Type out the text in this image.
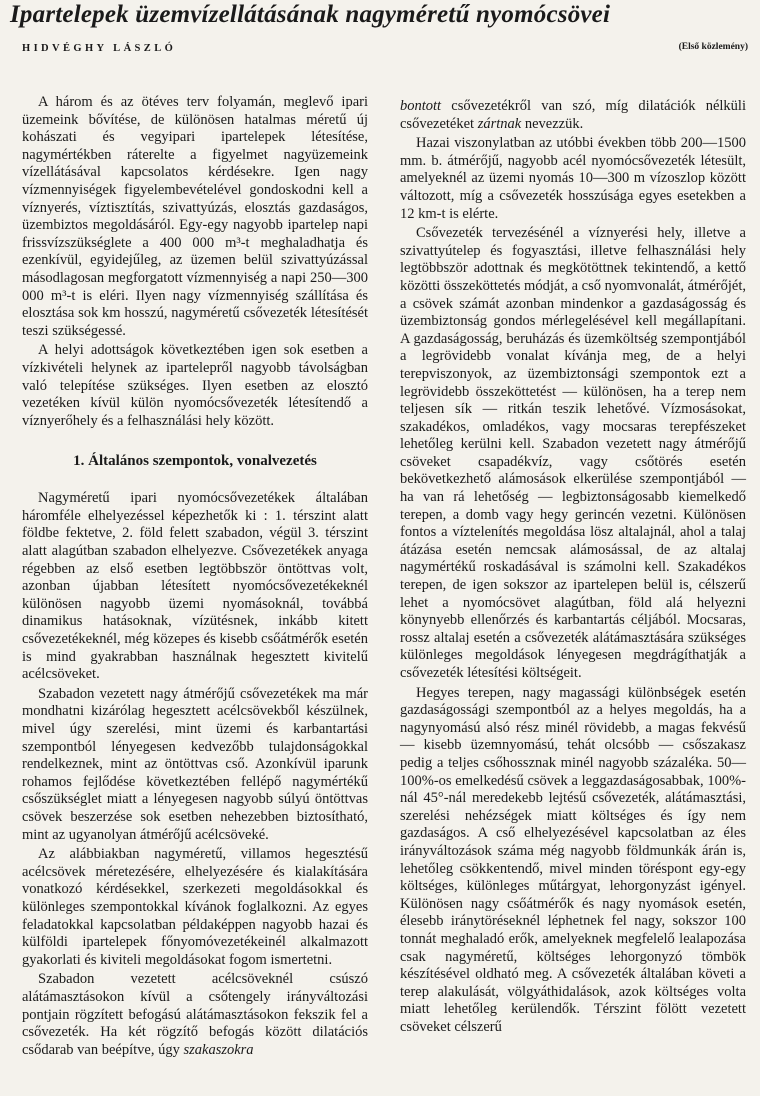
Ipartelepek üzemvízellátásának nagyméretű nyomócsövei
HIDVÉGHY LÁSZLÓ	(Első közlemény)

A három és az ötéves terv folyamán, meglevő ipari üzemeink bővítése, de különösen hatalmas méretű új kohászati és vegyipari ipartelepek létesítése, nagymértékben ráterelte a figyelmet nagyüzemeink vízellátásával kapcsolatos kérdésekre. Igen nagy vízmennyiségek figyelembevételével gondoskodni kell a víznyerés, víztisztítás, szivattyúzás, elosztás gazdaságos, üzembiztos megoldásáról. Egy-egy nagyobb ipartelep napi frissvízszükséglete a 400 000 m³-t meghaladhatja és ezenkívül, egyidejűleg, az üzemen belül szivattyúzással másodlagosan megforgatott vízmennyiség a napi 250—300 000 m³-t is eléri. Ilyen nagy vízmennyiség szállítása és elosztása sok km hosszú, nagyméretű csővezeték létesítését teszi szükségessé.

A helyi adottságok következtében igen sok esetben a vízkivételi helynek az ipartelepről nagyobb távolságban való telepítése szükséges. Ilyen esetben az elosztó vezetéken kívül külön nyomócsővezeték létesítendő a víznyerőhely és a felhasználási hely között.

1. Általános szempontok, vonalvezetés

Nagyméretű ipari nyomócsővezetékek általában háromféle elhelyezéssel képezhetők ki : 1. térszint alatt földbe fektetve, 2. föld felett szabadon, végül 3. térszint alatt alagútban szabadon elhelyezve. Csővezetékek anyaga régebben az első esetben legtöbbször öntöttvas volt, azonban újabban létesített nyomócsővezetékeknél különösen nagyobb üzemi nyomásoknál, továbbá dinamikus hatásoknak, vízütésnek, inkább kitett csővezetékeknél, még közepes és kisebb csőátmérők esetén is mind gyakrabban használnak hegesztett kivitelű acélcsöveket.

Szabadon vezetett nagy átmérőjű csővezetékek ma már mondhatni kizárólag hegesztett acélcsövekből készülnek, mivel úgy szerelési, mint üzemi és karbantartási szempontból lényegesen kedvezőbb tulajdonságokkal rendelkeznek, mint az öntöttvas cső. Azonkívül iparunk rohamos fejlődése következtében fellépő nagymértékű csőszükséglet miatt a lényegesen nagyobb súlyú öntöttvas csövek beszerzése sok esetben nehezebben biztosítható, mint az ugyanolyan átmérőjű acélcsöveké.

Az alábbiakban nagyméretű, villamos hegesztésű acélcsövek méretezésére, elhelyezésére és kialakítására vonatkozó kérdésekkel, szerkezeti megoldásokkal és különleges szempontokkal kívánok foglalkozni. Az egyes feladatokkal kapcsolatban példaképpen nagyobb hazai és külföldi ipartelepek főnyomóvezetékeinél alkalmazott gyakorlati és kiviteli megoldásokat fogom ismertetni.

Szabadon vezetett acélcsöveknél csúszó alátámasztásokon kívül a csőtengely irányváltozási pontjain rögzített befogású alátámasztásokon fekszik fel a csővezeték. Ha két rögzítő befogás között dilatációs csődarab van beépítve, úgy szakaszokra

bontott csővezetékről van szó, míg dilatációk nélküli csővezetéket zártnak nevezzük.

Hazai viszonylatban az utóbbi években több 200—1500 mm. b. átmérőjű, nagyobb acél nyomócsővezeték létesült, amelyeknél az üzemi nyomás 10—300 m vízoszlop között változott, míg a csővezeték hosszúsága egyes esetekben a 12 km-t is elérte.

Csővezeték tervezésénél a víznyerési hely, illetve a szivattyútelep és fogyasztási, illetve felhasználási hely legtöbbször adottnak és megkötöttnek tekintendő, a kettő közötti összeköttetés módját, a cső nyomvonalát, átmérőjét, a csövek számát azonban mindenkor a gazdaságosság és üzembiztonság gondos mérlegelésével kell megállapítani. A gazdaságosság, beruházás és üzemköltség szempontjából a legrövidebb vonalat kívánja meg, de a helyi terepviszonyok, az üzembiztonsági szempontok ezt a legrövidebb összeköttetést — különösen, ha a terep nem teljesen sík — ritkán teszik lehetővé. Vízmosásokat, szakadékos, omladékos, vagy mocsaras terepfészeket lehetőleg kerülni kell. Szabadon vezetett nagy átmérőjű csöveket csapadékvíz, vagy csőtörés esetén bekövetkezhető alámosások elkerülése szempontjából — ha van rá lehetőség — legbiztonságosabb kiemelkedő terepen, a domb vagy hegy gerincén vezetni. Különösen fontos a víztelenítés megoldása lösz altalajnál, ahol a talaj átázása esetén nemcsak alámosással, de az altalaj nagymértékű roskadásával is számolni kell. Szakadékos terepen, de igen sokszor az ipartelepen belül is, célszerű lehet a nyomócsövet alagútban, föld alá helyezni könynyebb ellenőrzés és karbantartás céljából. Mocsaras, rossz altalaj esetén a csővezeték alátámasztására szükséges különleges megoldások lényegesen megdrágíthatják a csővezeték létesítési költségeit.

Hegyes terepen, nagy magassági különbségek esetén gazdaságossági szempontból az a helyes megoldás, ha a nagynyomású alsó rész minél rövidebb, a magas fekvésű — kisebb üzemnyomású, tehát olcsóbb — csőszakasz pedig a teljes csőhossznak minél nagyobb százaléka. 50—100%-os emelkedésű csövek a leggazdaságosabbak, 100%-nál 45°-nál meredekebb lejtésű csővezeték, alátámasztási, szerelési nehézségek miatt költséges és így nem gazdaságos. A cső elhelyezésével kapcsolatban az éles irányváltozások száma még nagyobb földmunkák árán is, lehetőleg csökkentendő, mivel minden töréspont egy-egy költséges, különleges műtárgyat, lehorgonyzást igényel. Különösen nagy csőátmérők és nagy nyomások esetén, élesebb iránytöréseknél léphetnek fel nagy, sokszor 100 tonnát meghaladó erők, amelyeknek megfelelő lealapozása csak nagyméretű, költséges lehorgonyzó tömbök készítésével oldható meg. A csővezeték általában követi a terep alakulását, völgyáthidalások, azok költséges volta miatt lehetőleg kerülendők. Térszint fölött vezetett csöveket célszerű
